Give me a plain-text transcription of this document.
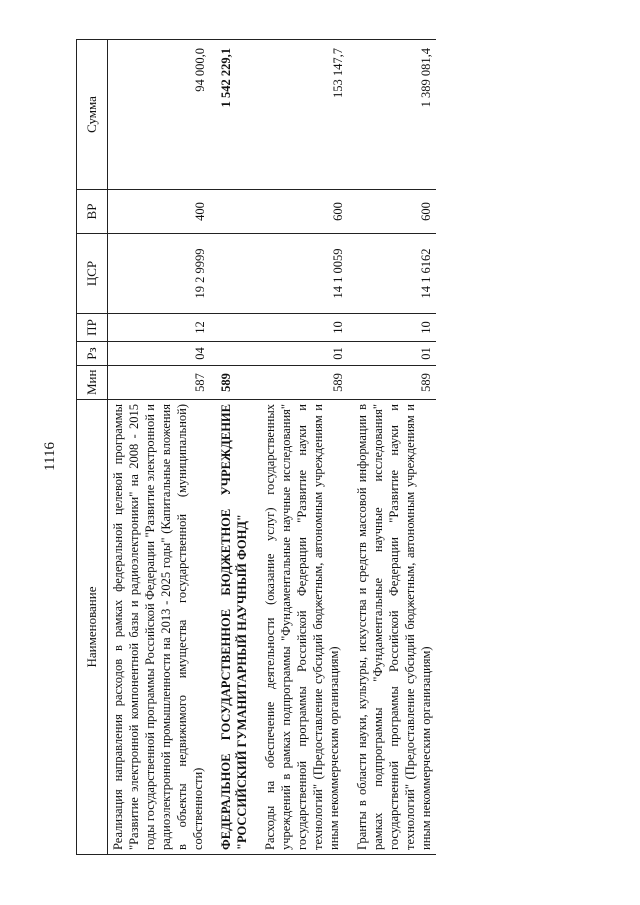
1116
Наименование	Мин	Рз	ПР	ЦСР	ВР	Сумма
Реализация направления расходов в рамках федеральной целевой программы "Развитие электронной компонентной базы и радиоэлектроники" на 2008 - 2015 годы государственной программы Российской Федерации "Развитие электронной и радиоэлектронной промышленности на 2013 - 2025 годы" (Капитальные вложения в объекты недвижимого имущества государственной (муниципальной) собственности)	587	04	12	19 2 9999	400	94 000,0
ФЕДЕРАЛЬНОЕ ГОСУДАРСТВЕННОЕ БЮДЖЕТНОЕ УЧРЕЖДЕНИЕ "РОССИЙСКИЙ ГУМАНИТАРНЫЙ НАУЧНЫЙ ФОНД"	589					1 542 229,1
Расходы на обеспечение деятельности (оказание услуг) государственных учреждений в рамках подпрограммы "Фундаментальные научные исследования" государственной программы Российской Федерации "Развитие науки и технологий" (Предоставление субсидий бюджетным, автономным учреждениям и иным некоммерческим организациям)	589	01	10	14 1 0059	600	153 147,7
Гранты в области науки, культуры, искусства и средств массовой информации в рамках подпрограммы "Фундаментальные научные исследования" государственной программы Российской Федерации "Развитие науки и технологий" (Предоставление субсидий бюджетным, автономным учреждениям и иным некоммерческим организациям)	589	01	10	14 1 6162	600	1 389 081,4
